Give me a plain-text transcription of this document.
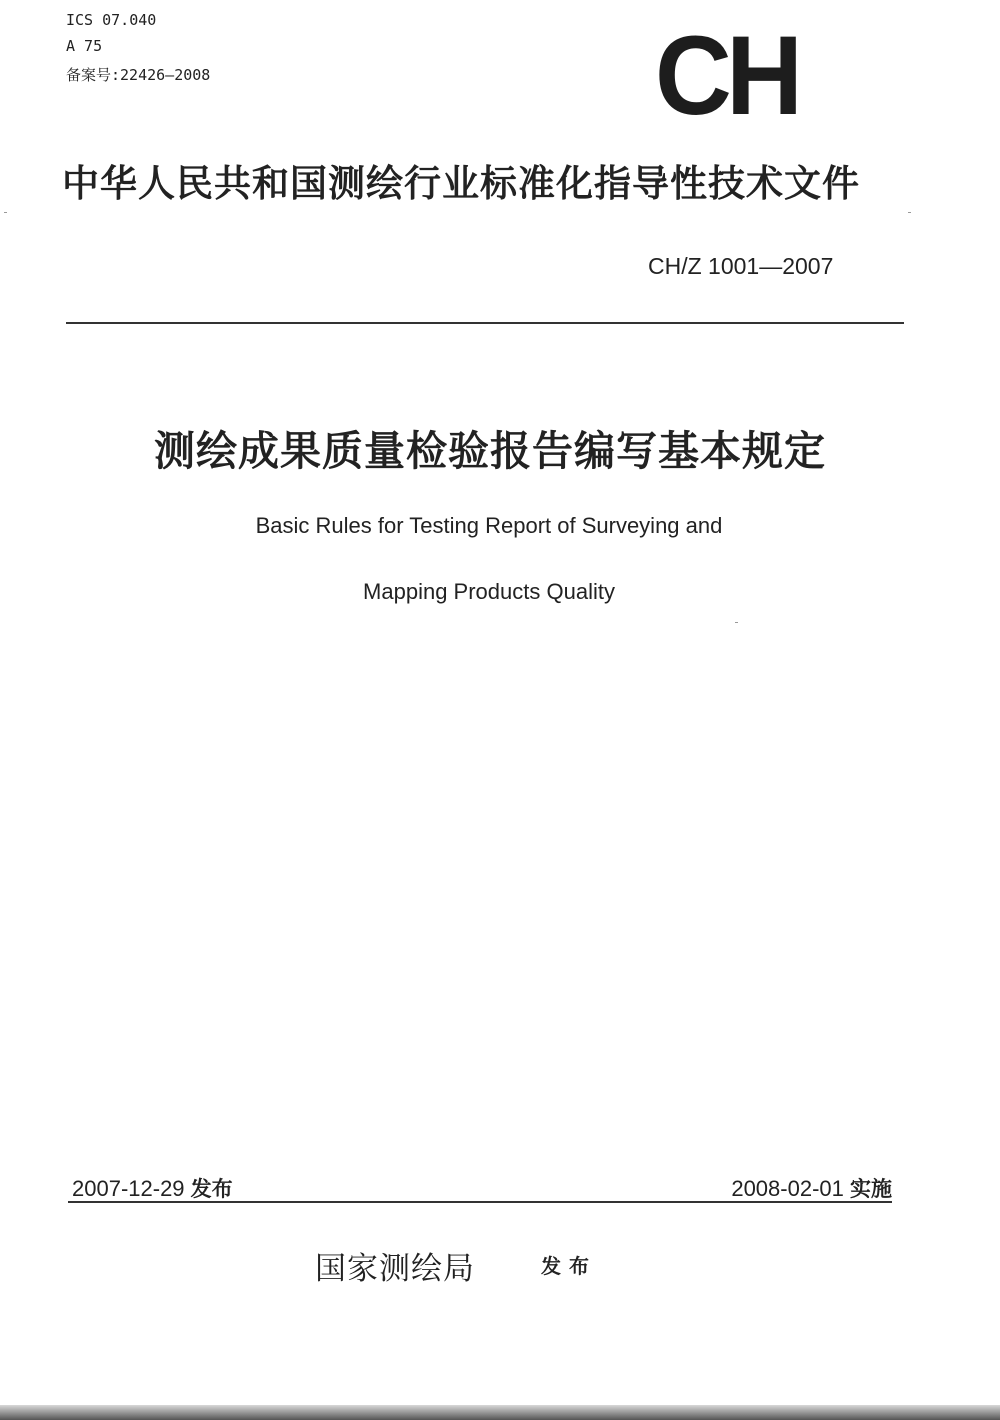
ICS 07.040
A 75
备案号:22426—2008	CH
中华人民共和国测绘行业标准化指导性技术文件
CH/Z 1001—2007
测绘成果质量检验报告编写基本规定
Basic Rules for Testing Report of Surveying and
Mapping Products Quality
2007-12-29 发布	2008-02-01 实施
国家测绘局	发布
